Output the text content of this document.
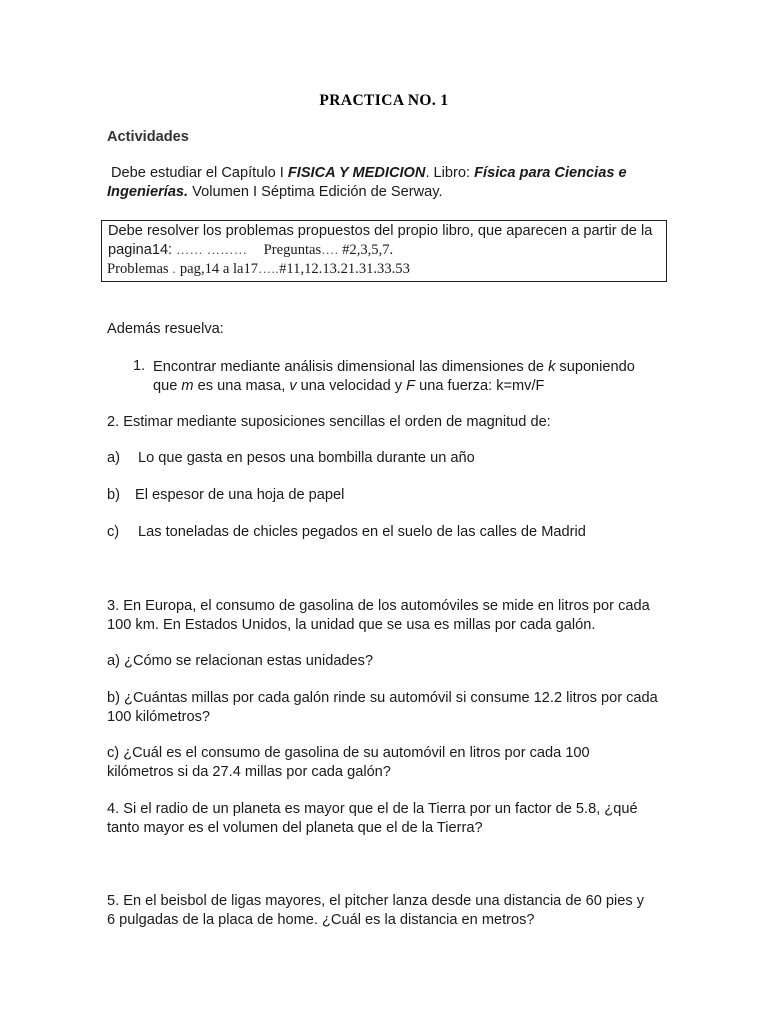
PRACTICA NO. 1
Actividades
Debe estudiar el Capítulo I FISICA Y MEDICION. Libro: Física para Ciencias e
Ingenierías. Volumen I Séptima Edición de Serway.
Debe resolver los problemas propuestos del propio libro, que aparecen a partir de la
pagina14: …… ……… Preguntas…. #2,3,5,7.
Problemas . pag,14 a la17…..#11,12.13.21.31.33.53
Además resuelva:
1. Encontrar mediante análisis dimensional las dimensiones de k suponiendo
que m es una masa, v una velocidad y F una fuerza: k=mv/F
2. Estimar mediante suposiciones sencillas el orden de magnitud de:
a) Lo que gasta en pesos una bombilla durante un año
b) El espesor de una hoja de papel
c) Las toneladas de chicles pegados en el suelo de las calles de Madrid
3. En Europa, el consumo de gasolina de los automóviles se mide en litros por cada
100 km. En Estados Unidos, la unidad que se usa es millas por cada galón.
a) ¿Cómo se relacionan estas unidades?
b) ¿Cuántas millas por cada galón rinde su automóvil si consume 12.2 litros por cada
100 kilómetros?
c) ¿Cuál es el consumo de gasolina de su automóvil en litros por cada 100
kilómetros si da 27.4 millas por cada galón?
4. Si el radio de un planeta es mayor que el de la Tierra por un factor de 5.8, ¿qué
tanto mayor es el volumen del planeta que el de la Tierra?
5. En el beisbol de ligas mayores, el pitcher lanza desde una distancia de 60 pies y
6 pulgadas de la placa de home. ¿Cuál es la distancia en metros?
